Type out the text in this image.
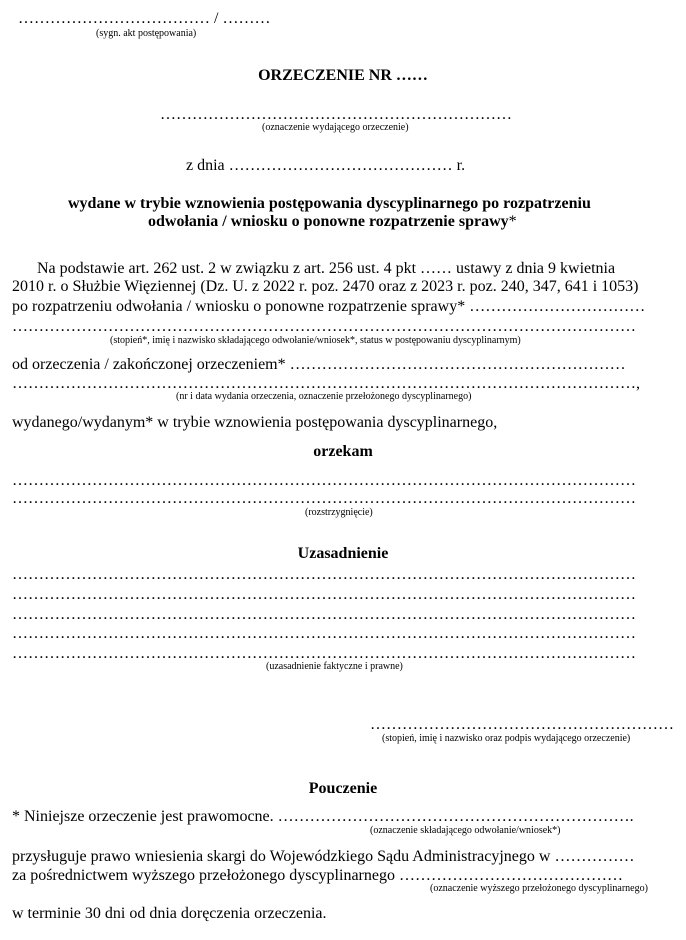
……………………………… / ………
(sygn. akt postępowania)
ORZECZENIE NR ……
…………………………………………………………
(oznaczenie wydającego orzeczenie)
z dnia …………………………………… r.
wydane w trybie wznowienia postępowania dyscyplinarnego po rozpatrzeniu
odwołania / wniosku o ponowne rozpatrzenie sprawy*
Na podstawie art. 262 ust. 2 w związku z art. 256 ust. 4 pkt …… ustawy z dnia 9 kwietnia
2010 r. o Służbie Więziennej (Dz. U. z 2022 r. poz. 2470 oraz z 2023 r. poz. 240, 347, 641 i 1053)
po rozpatrzeniu odwołania / wniosku o ponowne rozpatrzenie sprawy* ……………………………
………………………………………………………………………………………………………
(stopień*, imię i nazwisko składającego odwołanie/wniosek*, status w postępowaniu dyscyplinarnym)
od orzeczenia / zakończonej orzeczeniem* ………………………………………………………
………………………………………………………………………………………………………,
(nr i data wydania orzeczenia, oznaczenie przełożonego dyscyplinarnego)
wydanego/wydanym* w trybie wznowienia postępowania dyscyplinarnego,
orzekam
………………………………………………………………………………………………………
………………………………………………………………………………………………………
(rozstrzygnięcie)
Uzasadnienie
………………………………………………………………………………………………………
………………………………………………………………………………………………………
………………………………………………………………………………………………………
………………………………………………………………………………………………………
………………………………………………………………………………………………………
(uzasadnienie faktyczne i prawne)
…………………………………………………
(stopień, imię i nazwisko oraz podpis wydającego orzeczenie)
Pouczenie
* Niniejsze orzeczenie jest prawomocne. ………………………………………………………….
(oznaczenie składającego odwołanie/wniosek*)
przysługuje prawo wniesienia skargi do Wojewódzkiego Sądu Administracyjnego w ……………
za pośrednictwem wyższego przełożonego dyscyplinarnego ……………………………………
(oznaczenie wyższego przełożonego dyscyplinarnego)
w terminie 30 dni od dnia doręczenia orzeczenia.
